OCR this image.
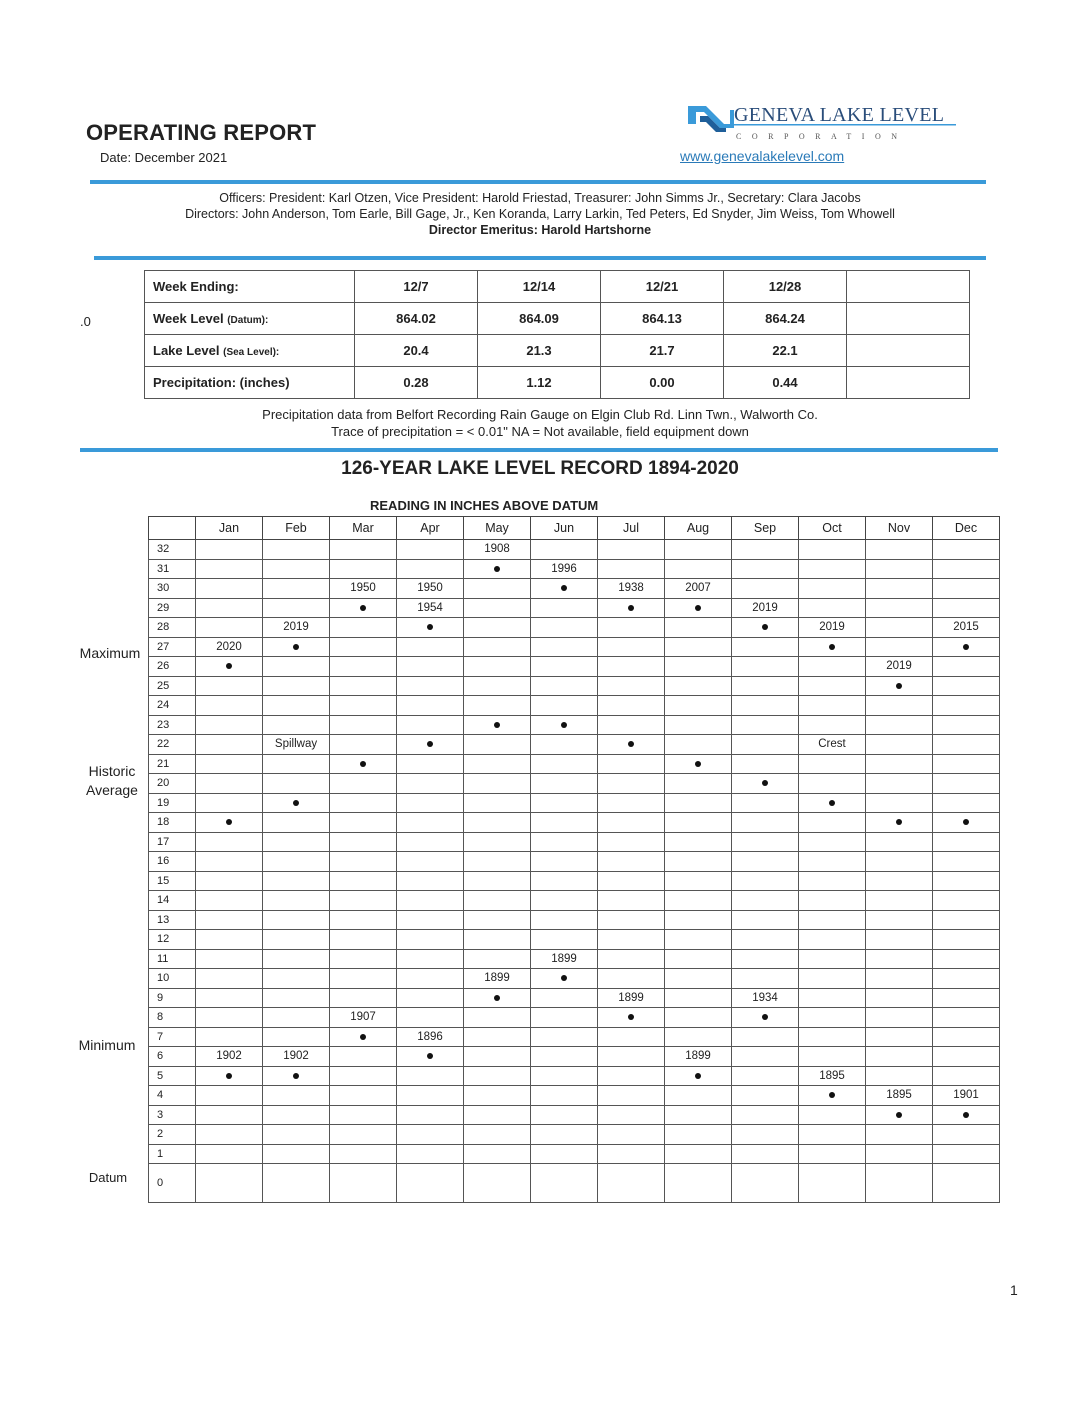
OPERATING REPORT
Date: December 2021
GENEVA LAKE LEVEL
CORPORATION
www.genevalakelevel.com
Officers: President: Karl Otzen, Vice President: Harold Friestad, Treasurer: John Simms Jr., Secretary: Clara Jacobs
Directors: John Anderson, Tom Earle, Bill Gage, Jr., Ken Koranda, Larry Larkin, Ted Peters, Ed Snyder, Jim Weiss, Tom Whowell
Director Emeritus: Harold Hartshorne
.0
Week Ending:	12/7	12/14	12/21	12/28	
Week Level (Datum):	864.02	864.09	864.13	864.24	
Lake Level (Sea Level):	20.4	21.3	21.7	22.1	
Precipitation: (inches)	0.28	1.12	0.00	0.44	
Precipitation data from Belfort Recording Rain Gauge on Elgin Club Rd. Linn Twn., Walworth Co.
Trace of precipitation = < 0.01" NA = Not available, field equipment down
126-YEAR LAKE LEVEL RECORD 1894-2020
READING IN INCHES ABOVE DATUM
	Jan	Feb	Mar	Apr	May	Jun	Jul	Aug	Sep	Oct	Nov	Dec
32					1908							
31						1996						
30			1950	1950			1938	2007				
29				1954					2019			
28		2019								2019		2015
27	2020											
26											2019	
25												
24												
23												
22		Spillway								Crest		
21												
20												
19												
18												
17												
16												
15												
14												
13												
12												
11						1899						
10					1899							
9							1899		1934			
8			1907									
7				1896								
6	1902	1902						1899				
5										1895		
4											1895	1901
3												
2												
1												
0												
Maximum
Historic
Average
Minimum
Datum
1
